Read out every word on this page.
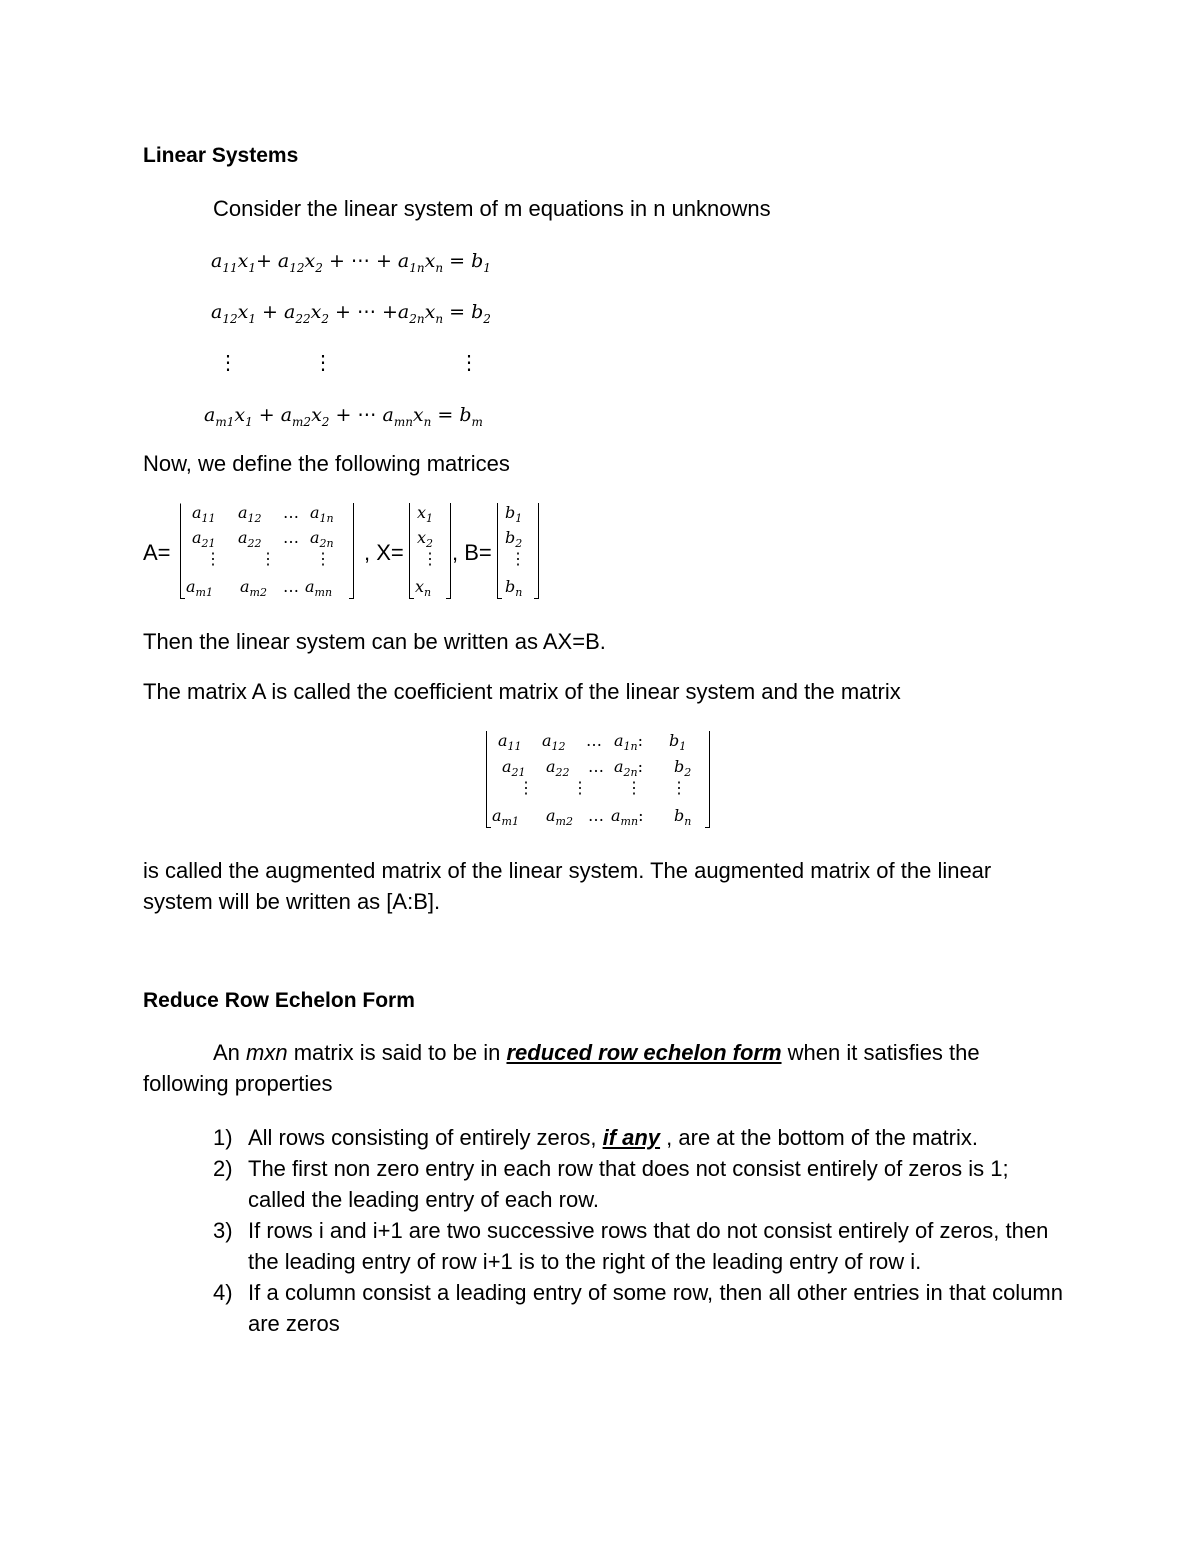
Linear Systems
Consider the linear system of m equations in n unknowns
$a_{11}x_1+ a_{12}x_2$ + ⋯ + $a_{1n}x_n = b_1$
$a_{12}x_1 + a_{22}x_2$ + ⋯ $+a_{2n}x_n = b_2$
⋮	⋮	⋮
$a_{m1}x_1 + a_{m2}x_2$ + ⋯ $a_{mn}x_n = b_m$
Now, we define the following matrices
A=
$a_{11}$ $a_{12}$ … $a_{1n}$
$a_{21}$ $a_{22}$ … $a_{2n}$
⋮ ⋮ ⋮
$a_{m1}$ $a_{m2}$ … $a_{mn}$
, X=
$x_1$
$x_2$
⋮
$x_n$
, B=
$b_1$
$b_2$
⋮
$b_n$
Then the linear system can be written as AX=B.
The matrix A is called the coefficient matrix of the linear system and the matrix
$a_{11}$ $a_{12}$ … $a_{1n}$: $b_1$
$a_{21}$ $a_{22}$ … $a_{2n}$: $b_2$
⋮ ⋮ ⋮ ⋮
$a_{m1}$ $a_{m2}$ … $a_{mn}$: $b_n$
is called the augmented matrix of the linear system. The augmented matrix of the linear
system will be written as [A:B].
Reduce Row Echelon Form
An mxn matrix is said to be in reduced row echelon form when it satisfies the
following properties
1) All rows consisting of entirely zeros, if any , are at the bottom of the matrix.
2) The first non zero entry in each row that does not consist entirely of zeros is 1; called the leading entry of each row.
3) If rows i and i+1 are two successive rows that do not consist entirely of zeros, then the leading entry of row i+1 is to the right of the leading entry of row i.
4) If a column consist a leading entry of some row, then all other entries in that column are zeros
